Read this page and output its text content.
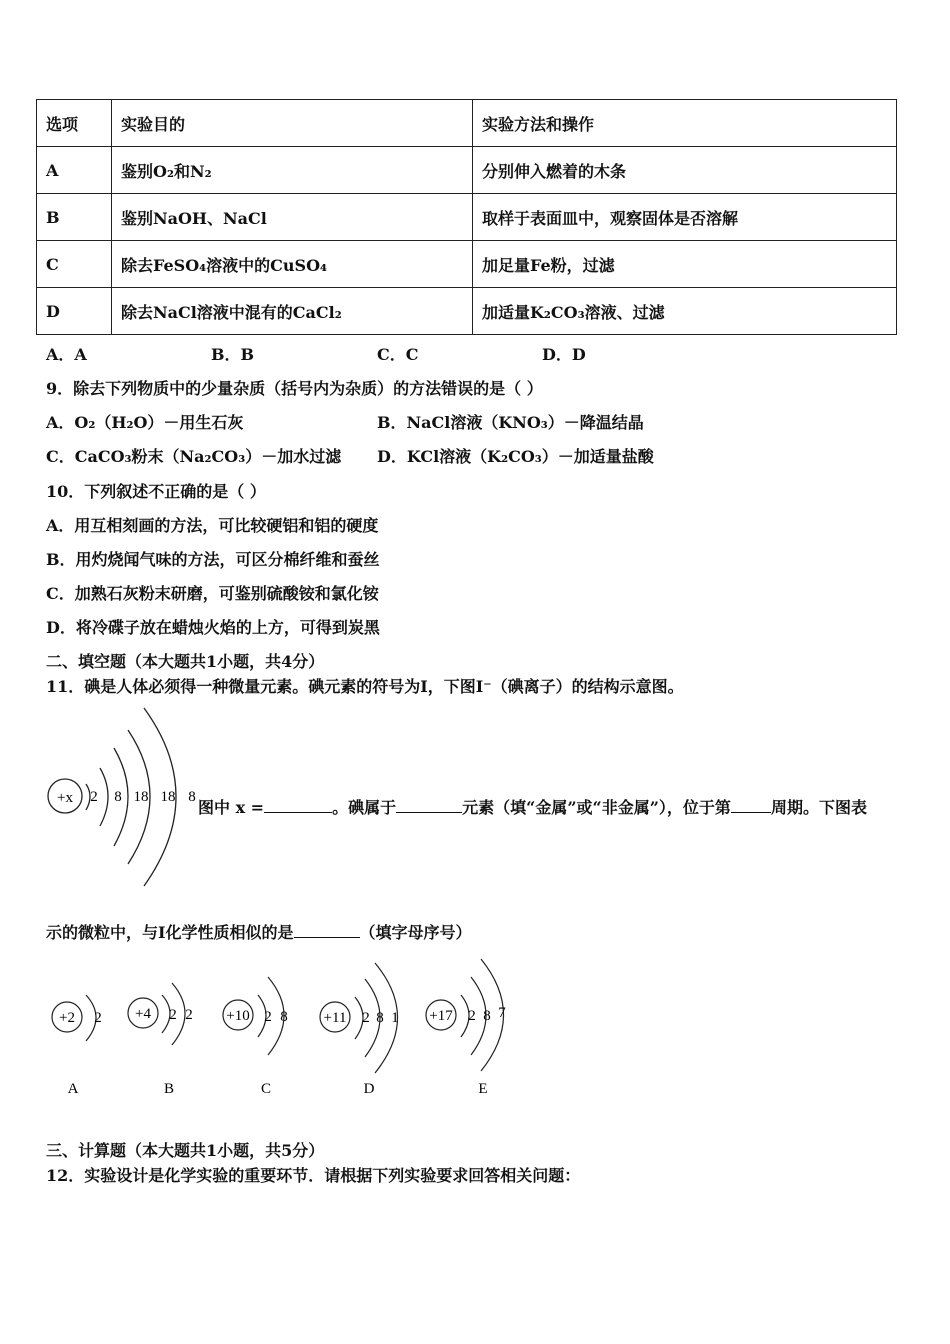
选项	实验目的	实验方法和操作
A	鉴别O₂和N₂	分别伸入燃着的木条
B	鉴别NaOH、NaCl	取样于表面皿中，观察固体是否溶解
C	除去FeSO₄溶液中的CuSO₄	加足量Fe粉，过滤
D	除去NaCl溶液中混有的CaCl₂	加适量K₂CO₃溶液、过滤
A．A	B．B	C．C	D．D
9．除去下列物质中的少量杂质（括号内为杂质）的方法错误的是（ ）
A．O₂（H₂O）－用生石灰	B．NaCl溶液（KNO₃）－降温结晶
C．CaCO₃粉末（Na₂CO₃）－加水过滤 D．KCl溶液（K₂CO₃）－加适量盐酸
10．下列叙述不正确的是（ ）
A．用互相刻画的方法，可比较硬铝和铝的硬度
B．用灼烧闻气味的方法，可区分棉纤维和蚕丝
C．加熟石灰粉末研磨，可鉴别硫酸铵和氯化铵
D．将冷碟子放在蜡烛火焰的上方，可得到炭黑
二、填空题（本大题共1小题，共4分）
11．碘是人体必须得一种微量元素。碘元素的符号为I，下图I⁻（碘离子）的结构示意图。
+x 2 8 18 18 8
图中 x =	。碘属于	元素（填“金属”或“非金属”），位于第	周期。下图表
示的微粒中，与I化学性质相似的是	（填字母序号）
+2 2
A
+4 2 2
B
+10 2 8
C
+11 2 8 1
D
+17 2 8 7
E
三、计算题（本大题共1小题，共5分）
12．实验设计是化学实验的重要环节．请根据下列实验要求回答相关问题：
